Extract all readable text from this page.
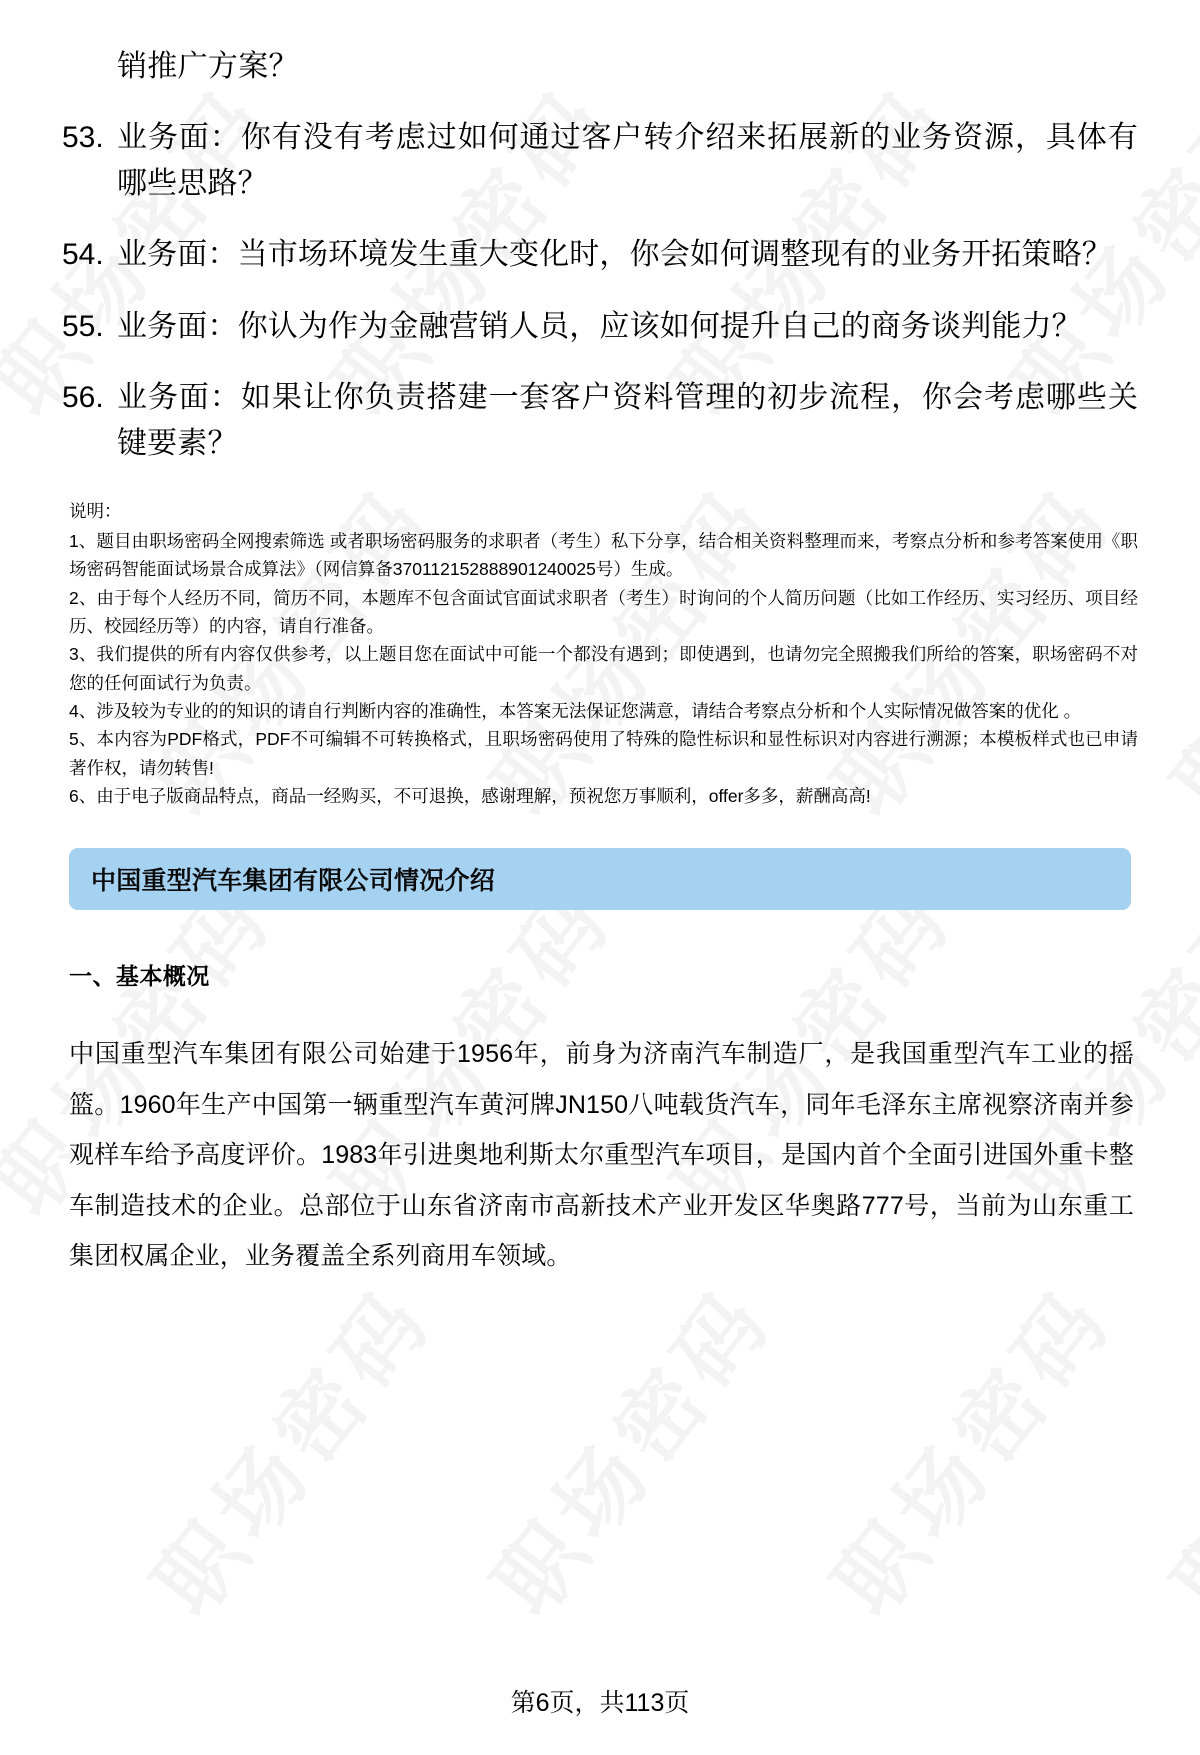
销推广方案？
53. 业务面：你有没有考虑过如何通过客户转介绍来拓展新的业务资源，具体有哪些思路？
54. 业务面：当市场环境发生重大变化时，你会如何调整现有的业务开拓策略？
55. 业务面：你认为作为金融营销人员，应该如何提升自己的商务谈判能力？
56. 业务面：如果让你负责搭建一套客户资料管理的初步流程，你会考虑哪些关键要素？

说明：

1、题目由职场密码全网搜索筛选 或者职场密码服务的求职者（考生）私下分享，结合相关资料整理而来，考察点分析和参考答案使用《职场密码智能面试场景合成算法》（网信算备370112152888901240025号）生成。

2、由于每个人经历不同，简历不同，本题库不包含面试官面试求职者（考生）时询问的个人简历问题（比如工作经历、实习经历、项目经历、校园经历等）的内容，请自行准备。

3、我们提供的所有内容仅供参考，以上题目您在面试中可能一个都没有遇到；即使遇到，也请勿完全照搬我们所给的答案，职场密码不对您的任何面试行为负责。

4、涉及较为专业的的知识的请自行判断内容的准确性，本答案无法保证您满意，请结合考察点分析和个人实际情况做答案的优化 。

5、本内容为PDF格式，PDF不可编辑不可转换格式，且职场密码使用了特殊的隐性标识和显性标识对内容进行溯源；本模板样式也已申请著作权，请勿转售!

6、由于电子版商品特点，商品一经购买，不可退换，感谢理解，预祝您万事顺利，offer多多，薪酬高高!

中国重型汽车集团有限公司情况介绍
一、基本概况
中国重型汽车集团有限公司始建于1956年，前身为济南汽车制造厂，是我国重型汽车工业的摇篮。1960年生产中国第一辆重型汽车黄河牌JN150八吨载货汽车，同年毛泽东主席视察济南并参观样车给予高度评价。1983年引进奥地利斯太尔重型汽车项目，是国内首个全面引进国外重卡整车制造技术的企业。总部位于山东省济南市高新技术产业开发区华奥路777号，当前为山东重工集团权属企业，业务覆盖全系列商用车领域。
第6页，共113页
